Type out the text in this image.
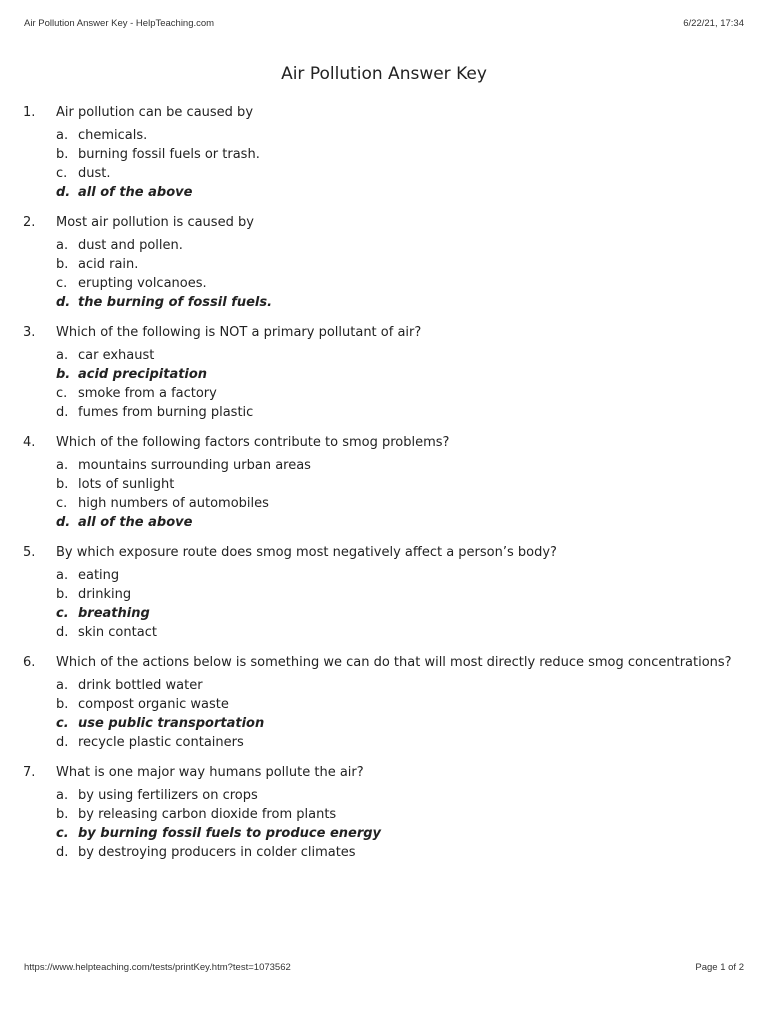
Air Pollution Answer Key - HelpTeaching.com	6/22/21, 17:34
Air Pollution Answer Key
1. Air pollution can be caused by
a. chemicals.
b. burning fossil fuels or trash.
c. dust.
d. all of the above
2. Most air pollution is caused by
a. dust and pollen.
b. acid rain.
c. erupting volcanoes.
d. the burning of fossil fuels.
3. Which of the following is NOT a primary pollutant of air?
a. car exhaust
b. acid precipitation
c. smoke from a factory
d. fumes from burning plastic
4. Which of the following factors contribute to smog problems?
a. mountains surrounding urban areas
b. lots of sunlight
c. high numbers of automobiles
d. all of the above
5. By which exposure route does smog most negatively affect a person’s body?
a. eating
b. drinking
c. breathing
d. skin contact
6. Which of the actions below is something we can do that will most directly reduce smog concentrations?
a. drink bottled water
b. compost organic waste
c. use public transportation
d. recycle plastic containers
7. What is one major way humans pollute the air?
a. by using fertilizers on crops
b. by releasing carbon dioxide from plants
c. by burning fossil fuels to produce energy
d. by destroying producers in colder climates
https://www.helpteaching.com/tests/printKey.htm?test=1073562	Page 1 of 2
